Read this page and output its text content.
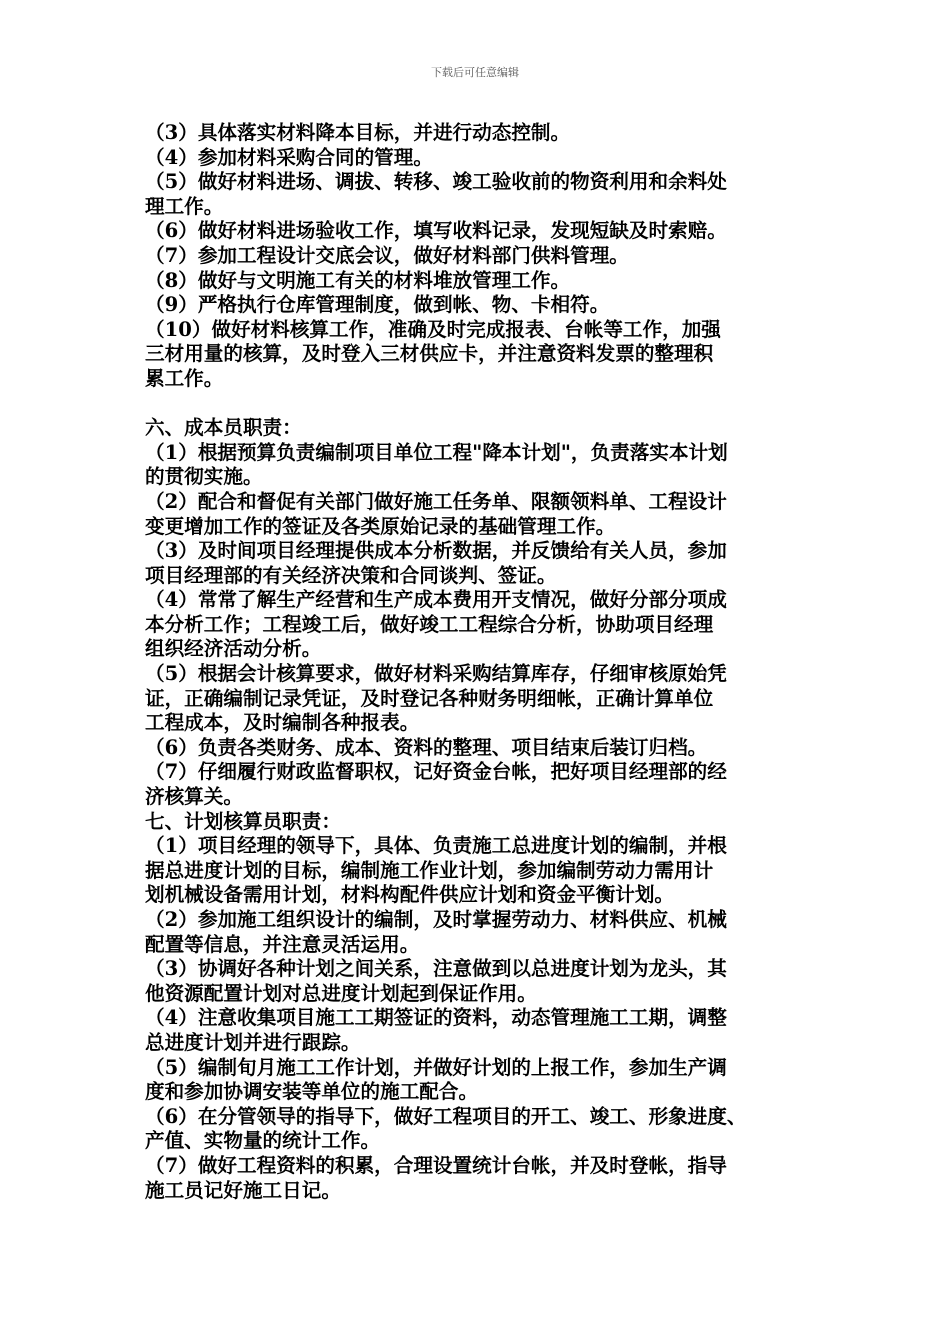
下载后可任意编辑
（3）具体落实材料降本目标，并进行动态控制。
（4）参加材料采购合同的管理。
（5）做好材料进场、调拔、转移、竣工验收前的物资利用和余料处
理工作。
（6）做好材料进场验收工作，填写收料记录，发现短缺及时索赔。
（7）参加工程设计交底会议，做好材料部门供料管理。
（8）做好与文明施工有关的材料堆放管理工作。
（9）严格执行仓库管理制度，做到帐、物、卡相符。
（10）做好材料核算工作，准确及时完成报表、台帐等工作，加强
三材用量的核算，及时登入三材供应卡，并注意资料发票的整理积
累工作。
六、成本员职责：
（1）根据预算负责编制项目单位工程"降本计划"，负责落实本计划
的贯彻实施。
（2）配合和督促有关部门做好施工任务单、限额领料单、工程设计
变更增加工作的签证及各类原始记录的基础管理工作。
（3）及时间项目经理提供成本分析数据，并反馈给有关人员，参加
项目经理部的有关经济决策和合同谈判、签证。
（4）常常了解生产经营和生产成本费用开支情况，做好分部分项成
本分析工作；工程竣工后，做好竣工工程综合分析，协助项目经理
组织经济活动分析。
（5）根据会计核算要求，做好材料采购结算库存，仔细审核原始凭
证，正确编制记录凭证，及时登记各种财务明细帐，正确计算单位
工程成本，及时编制各种报表。
（6）负责各类财务、成本、资料的整理、项目结束后装订归档。
（7）仔细履行财政监督职权，记好资金台帐，把好项目经理部的经
济核算关。
七、计划核算员职责：
（1）项目经理的领导下，具体、负责施工总进度计划的编制，并根
据总进度计划的目标，编制施工作业计划，参加编制劳动力需用计
划机械设备需用计划，材料构配件供应计划和资金平衡计划。
（2）参加施工组织设计的编制，及时掌握劳动力、材料供应、机械
配置等信息，并注意灵活运用。
（3）协调好各种计划之间关系，注意做到以总进度计划为龙头，其
他资源配置计划对总进度计划起到保证作用。
（4）注意收集项目施工工期签证的资料，动态管理施工工期，调整
总进度计划并进行跟踪。
（5）编制旬月施工工作计划，并做好计划的上报工作，参加生产调
度和参加协调安装等单位的施工配合。
（6）在分管领导的指导下，做好工程项目的开工、竣工、形象进度、
产值、实物量的统计工作。
（7）做好工程资料的积累，合理设置统计台帐，并及时登帐，指导
施工员记好施工日记。
